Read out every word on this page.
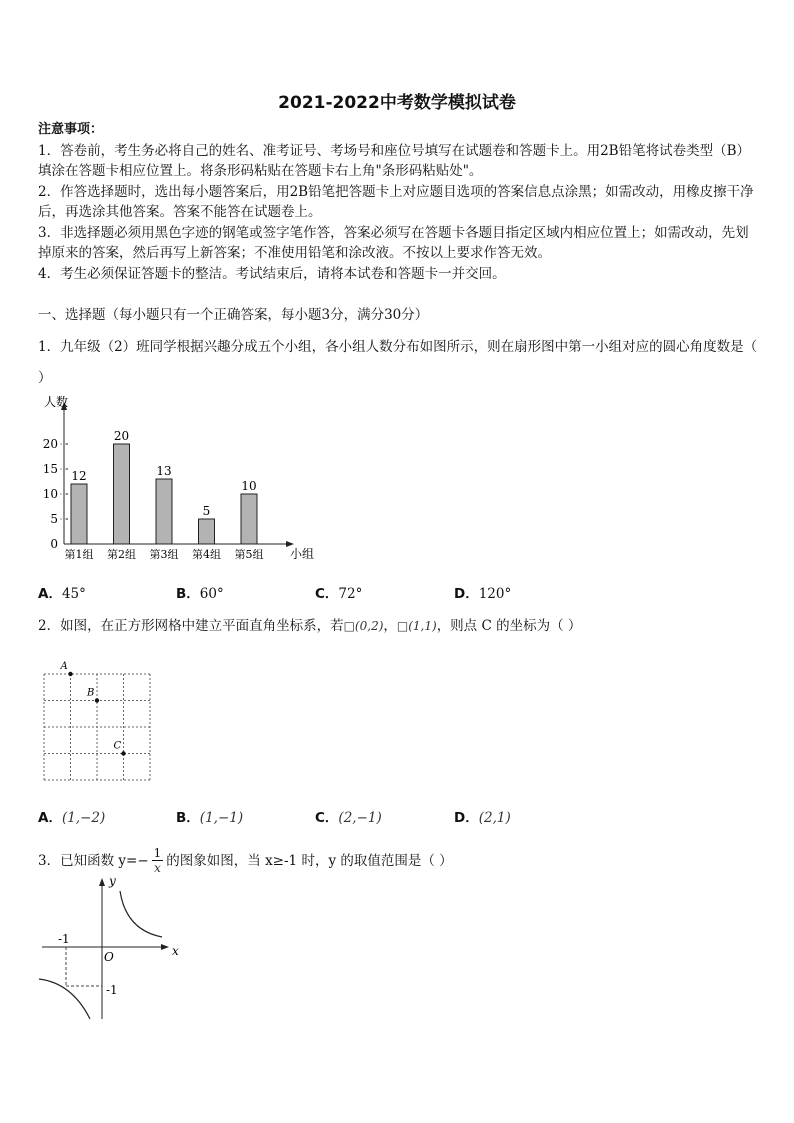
2021-2022中考数学模拟试卷
注意事项：
1．答卷前，考生务必将自己的姓名、准考证号、考场号和座位号填写在试题卷和答题卡上。用2B铅笔将试卷类型（B）填涂在答题卡相应位置上。将条形码粘贴在答题卡右上角"条形码粘贴处"。
2．作答选择题时，选出每小题答案后，用2B铅笔把答题卡上对应题目选项的答案信息点涂黑；如需改动，用橡皮擦干净后，再选涂其他答案。答案不能答在试题卷上。
3．非选择题必须用黑色字迹的钢笔或签字笔作答，答案必须写在答题卡各题目指定区域内相应位置上；如需改动，先划掉原来的答案，然后再写上新答案；不准使用铅笔和涂改液。不按以上要求作答无效。
4．考生必须保证答题卡的整洁。考试结束后，请将本试卷和答题卡一并交回。
一、选择题（每小题只有一个正确答案，每小题3分，满分30分）
1．九年级（2）班同学根据兴趣分成五个小组，各小组人数分布如图所示，则在扇形图中第一小组对应的圆心角度数是（ ）
人数
小组
0
5
10
15
20
12
第1组
20
第2组
13
第3组
5
第4组
10
第5组
A．45°	B．60°	C．72°	D．120°
2．如图，在正方形网格中建立平面直角坐标系，若□(0,2)，□(1,1)，则点 C 的坐标为（ ）
A
B
C
A．(1,−2)	B．(1,−1)	C．(2,−1)	D．(2,1)
3．已知函数 $y=- \frac{1}{x}$ 的图象如图，当 x≥-1 时，y 的取值范围是（ ）
x
y
O
-1
-1
